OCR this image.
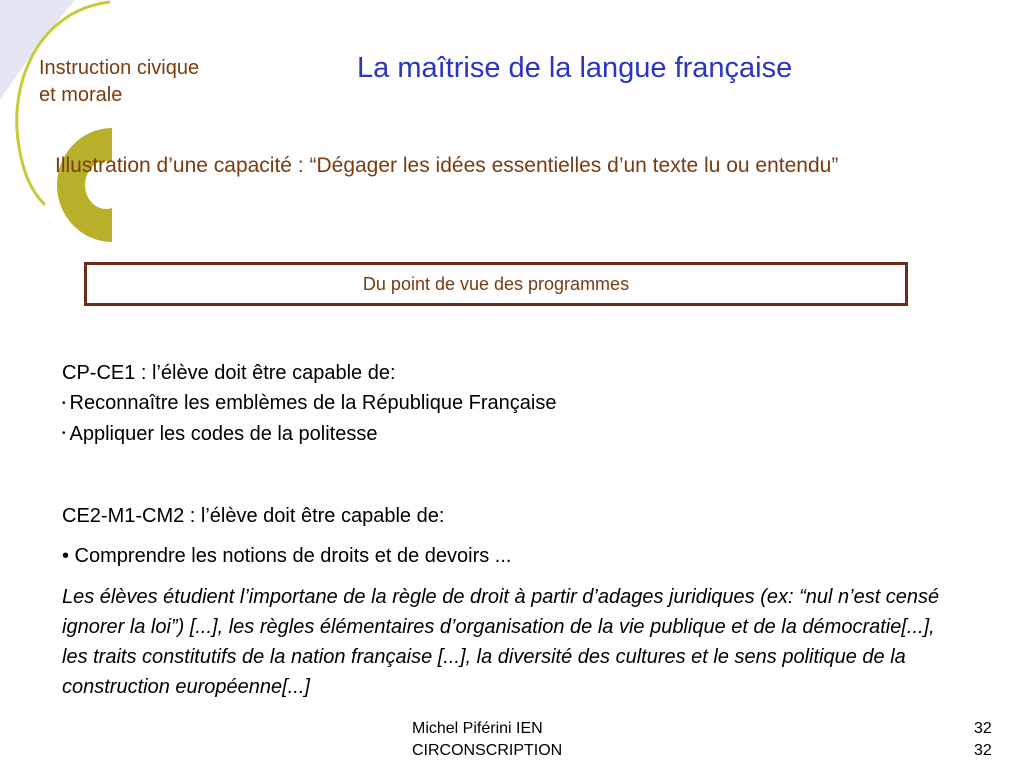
Instruction civique
et morale
La maîtrise de la langue française
Illustration d’une capacité : “Dégager les idées essentielles d’un texte lu ou entendu”
Du point de vue des programmes
CP-CE1 : l’élève doit être capable de:
• Reconnaître les emblèmes de la République Française
• Appliquer les codes de la politesse
CE2-M1-CM2 : l’élève doit être capable de:
• Comprendre les notions de droits et de devoirs ...
Les élèves étudient l’importane de la règle de droit à partir d’adages juridiques (ex: “nul n’est censé ignorer la loi”) [...], les règles élémentaires d’organisation de la vie publique et de la démocratie[...], les traits constitutifs de la nation française [...], la diversité des cultures et le sens politique de la construction européenne[...]
Michel Piférini IEN
CIRCONSCRIPTION
32
32
